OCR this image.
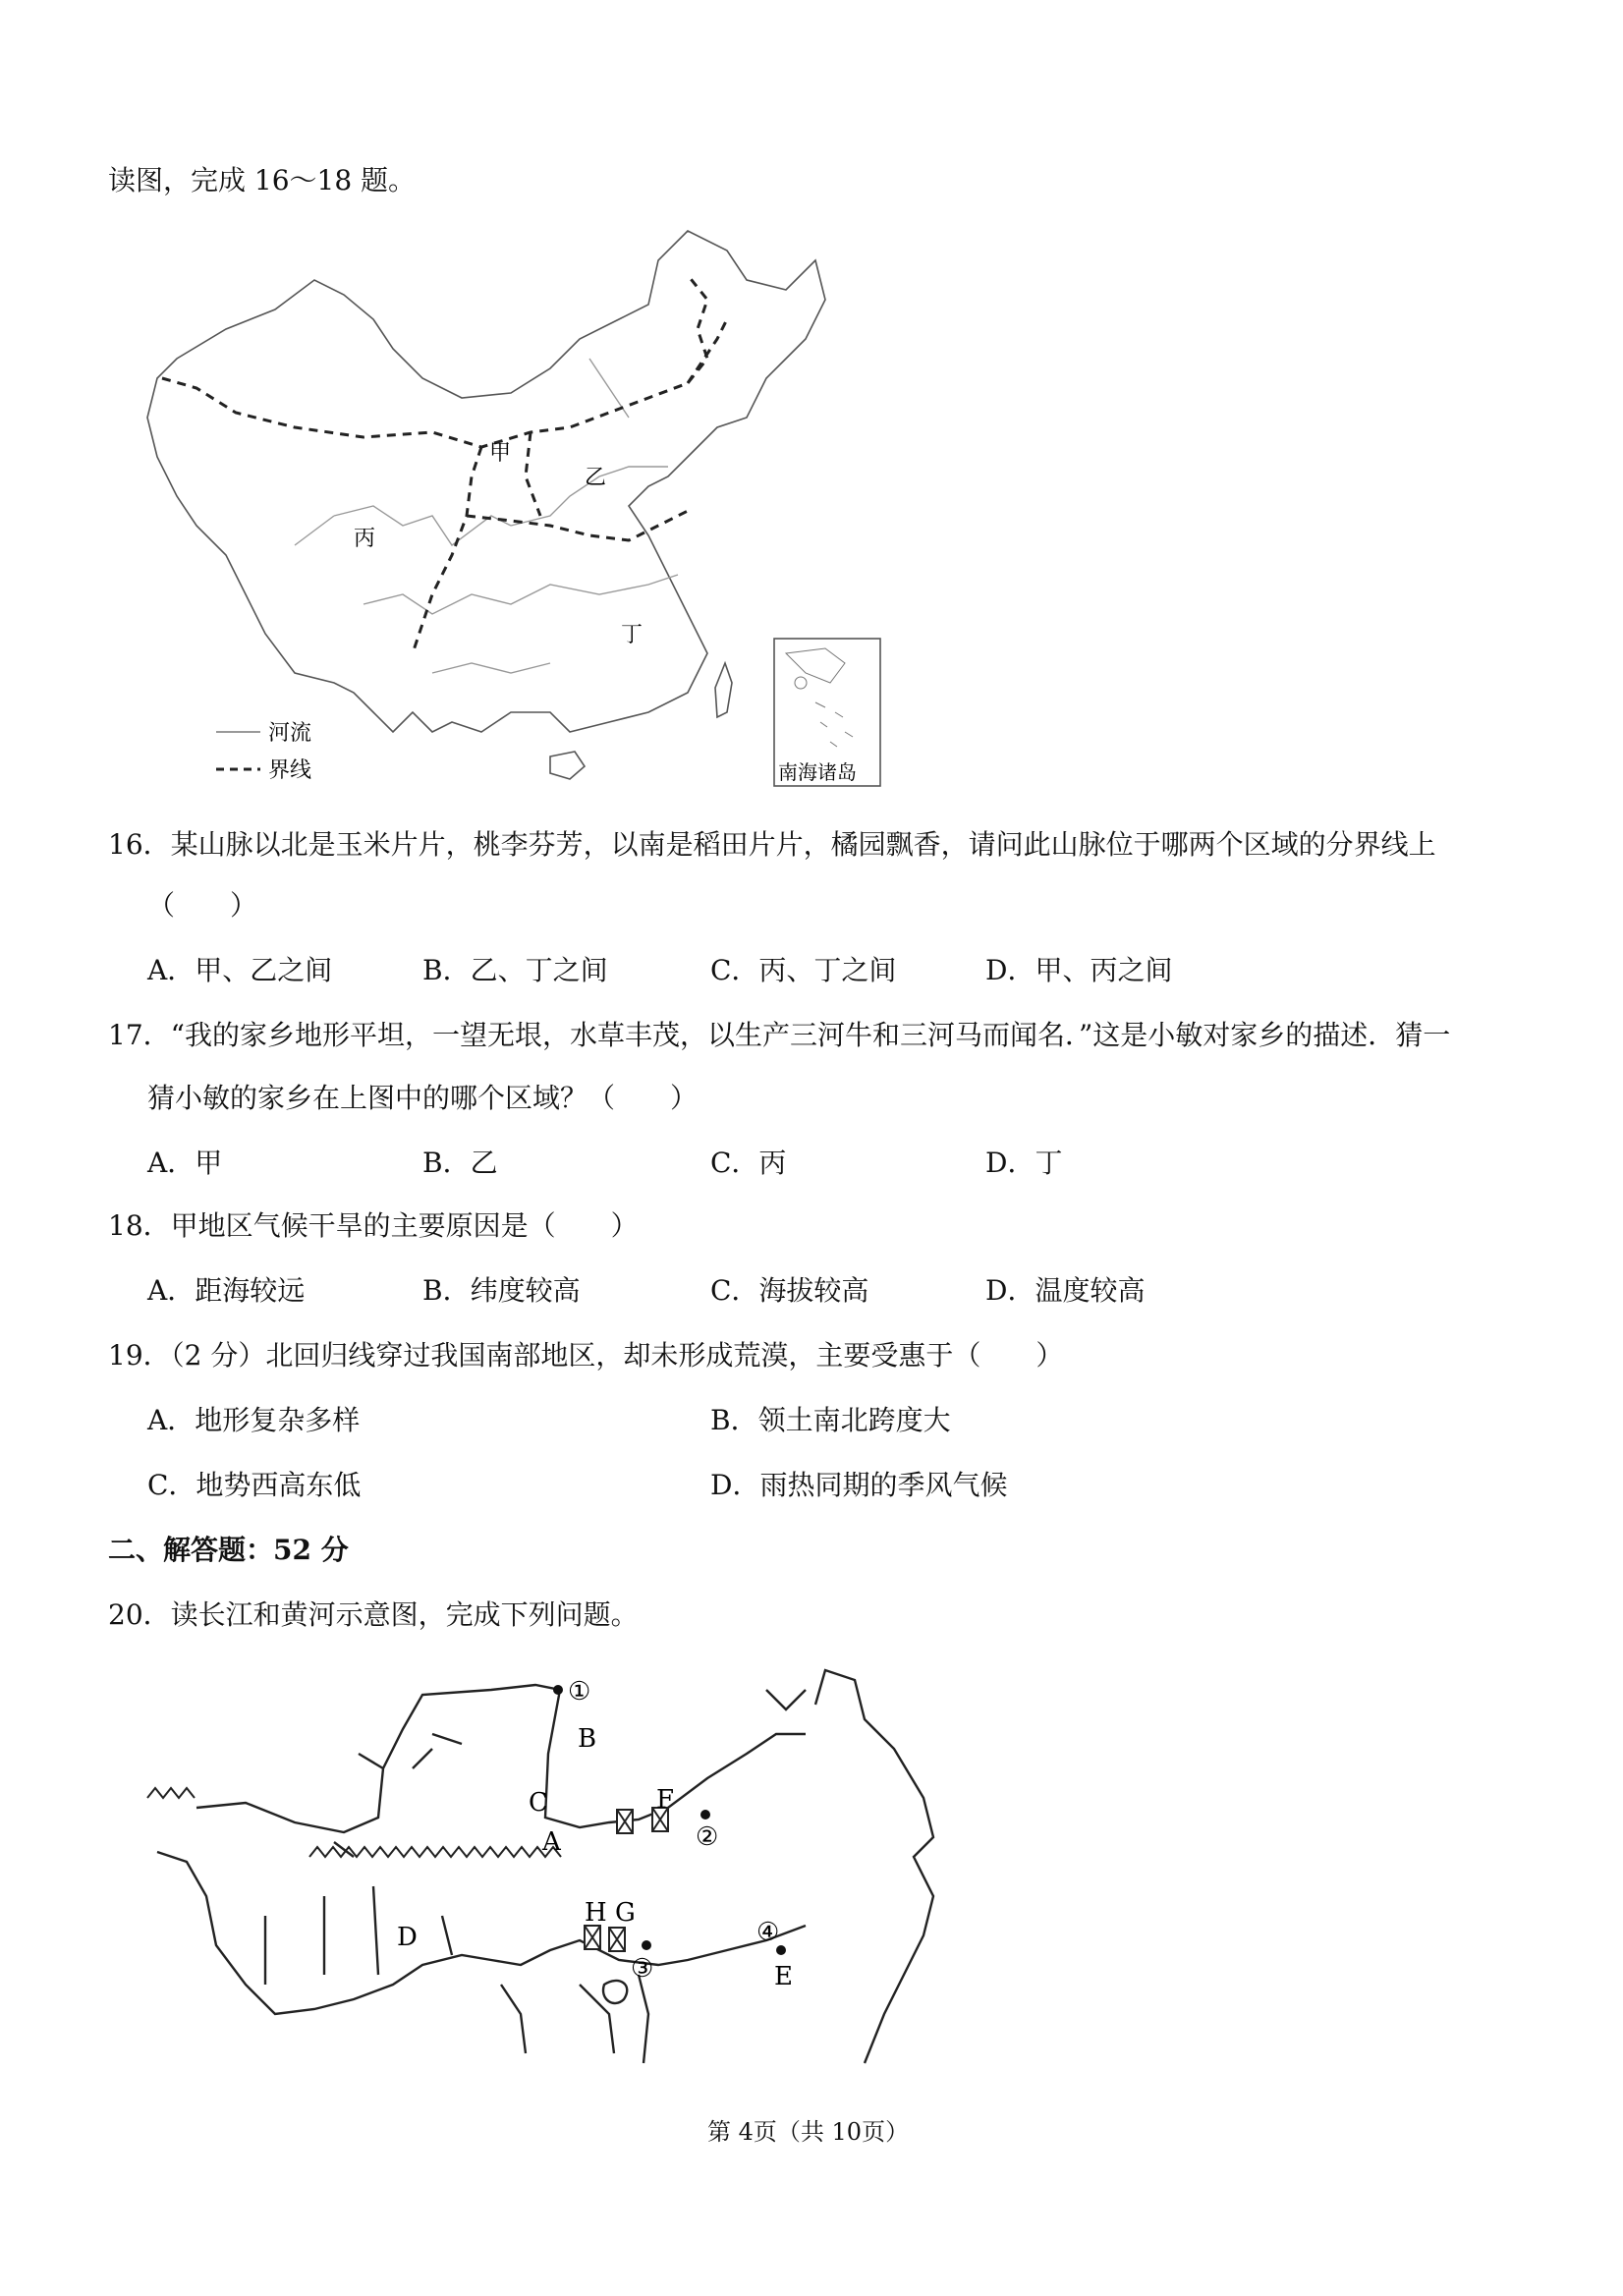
读图，完成 16～18 题。
甲
乙
丙
丁
河流
界线	南海诸岛
16．某山脉以北是玉米片片，桃李芬芳，以南是稻田片片，橘园飘香，请问此山脉位于哪两个区域的分界线上
（　　）
A．甲、乙之间	B．乙、丁之间	C．丙、丁之间	D．甲、丙之间
17．“我的家乡地形平坦，一望无垠，水草丰茂，以生产三河牛和三河马而闻名．”这是小敏对家乡的描述．猜一
猜小敏的家乡在上图中的哪个区域？（　　）
A．甲	B．乙	C．丙	D．丁
18．甲地区气候干旱的主要原因是（　　）
A．距海较远	B．纬度较高	C．海拔较高	D．温度较高
19．（2 分）北回归线穿过我国南部地区，却未形成荒漠，主要受惠于（　　）
A．地形复杂多样	B．领土南北跨度大
C．地势西高东低	D．雨热同期的季风气候
二、解答题：52 分
20．读长江和黄河示意图，完成下列问题。
①
②
③
④
A
B
C
D
E
F
G
H
第 4页（共 10页）
